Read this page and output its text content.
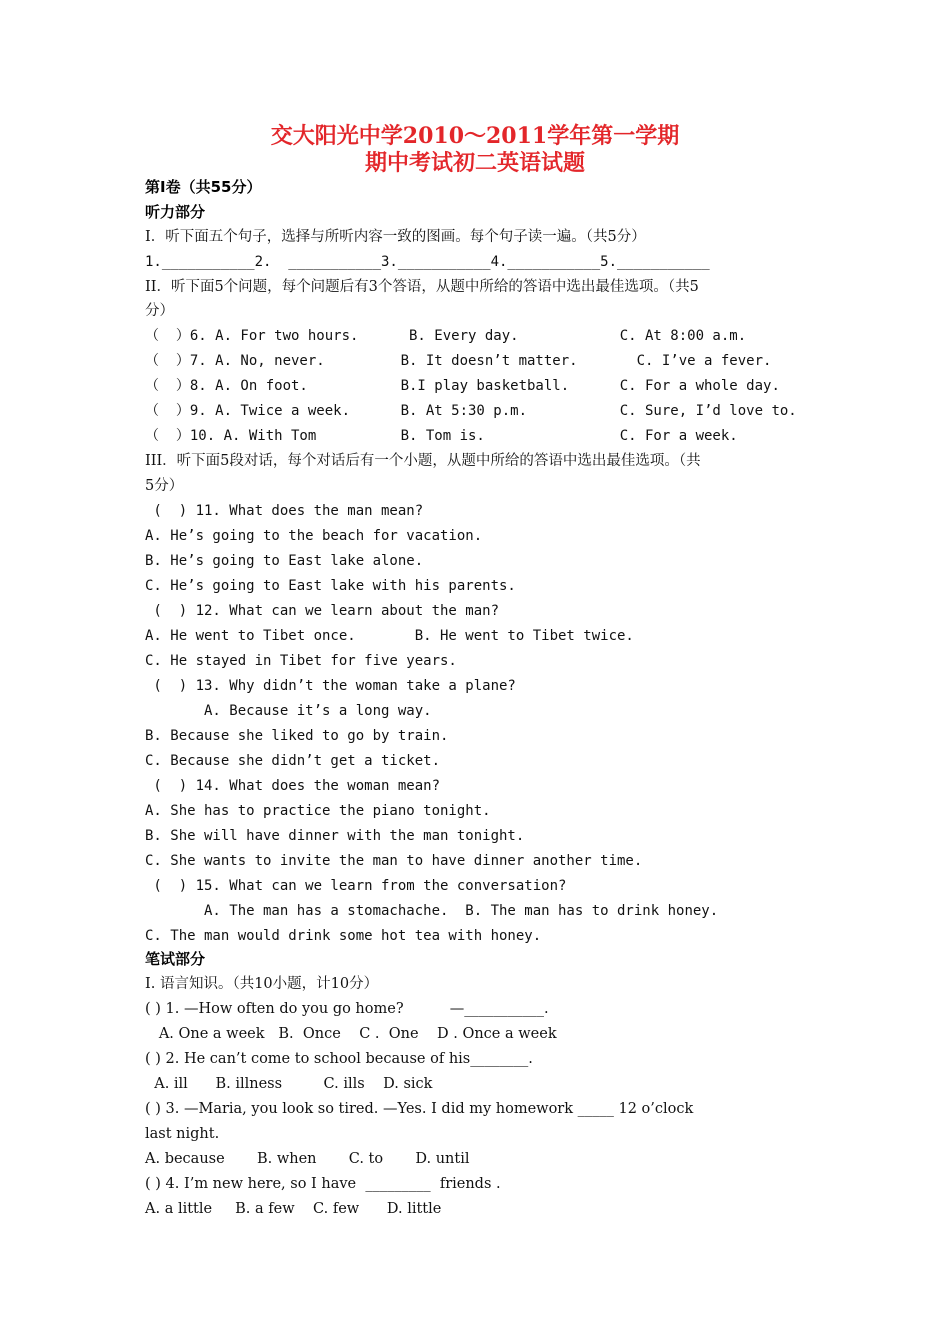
交大阳光中学2010～2011学年第一学期
期中考试初二英语试题
第Ⅰ卷（共55分）
听力部分
I．听下面五个句子，选择与所听内容一致的图画。每个句子读一遍。（共5分）
1.___________2.  ___________3.___________4.___________5.___________
II．听下面5个问题，每个问题后有3个答语，从题中所给的答语中选出最佳选项。（共5
分）
（  ）6. A. For two hours.      B. Every day.            C. At 8:00 a.m.
（  ）7. A. No, never.         B. It doesn’t matter.       C. I’ve a fever.
（  ）8. A. On foot.           B.I play basketball.      C. For a whole day.
（  ）9. A. Twice a week.      B. At 5:30 p.m.           C. Sure, I’d love to.
（  ）10. A. With Tom          B. Tom is.                C. For a week.
III．听下面5段对话，每个对话后有一个小题，从题中所给的答语中选出最佳选项。（共
5分）
(  ) 11. What does the man mean?
A. He’s going to the beach for vacation.
B. He’s going to East lake alone.
C. He’s going to East lake with his parents.
(  ) 12. What can we learn about the man?
A. He went to Tibet once.       B. He went to Tibet twice.
C. He stayed in Tibet for five years.
(  ) 13. Why didn’t the woman take a plane?
A. Because it’s a long way.
B. Because she liked to go by train.
C. Because she didn’t get a ticket.
(  ) 14. What does the woman mean?
A. She has to practice the piano tonight.
B. She will have dinner with the man tonight.
C. She wants to invite the man to have dinner another time.
(  ) 15. What can we learn from the conversation?
A. The man has a stomachache.  B. The man has to drink honey.
C. The man would drink some hot tea with honey.
笔试部分
I. 语言知识。（共10小题，计10分）
( ) 1. —How often do you go home?          —___________.
A. One a week   B.  Once    C .  One    D . Once a week
( ) 2. He can’t come to school because of his________.
A. ill      B. illness         C. ills    D. sick
( ) 3. —Maria, you look so tired. —Yes. I did my homework _____ 12 o’clock
last night.
A. because       B. when       C. to       D. until
( ) 4. I’m new here, so I have  _________  friends .
A. a little     B. a few    C. few      D. little
